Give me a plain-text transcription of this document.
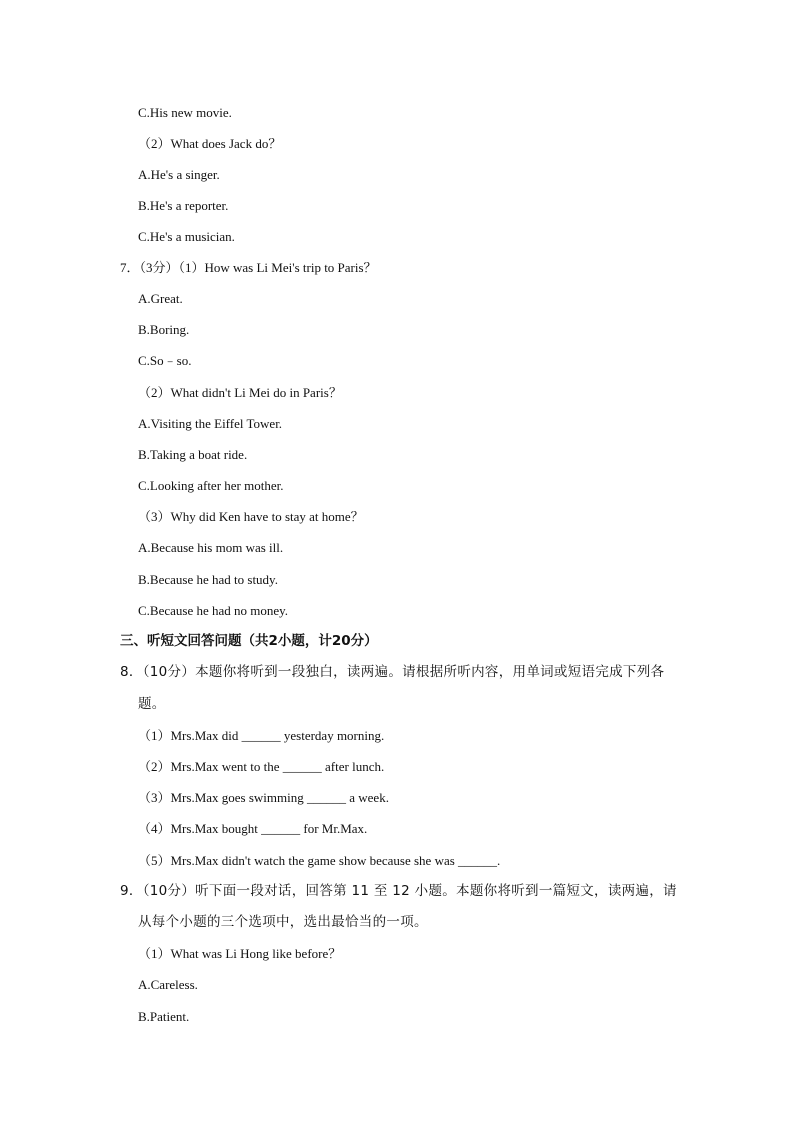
C.His new movie.
（2）What does Jack do？
A.He's a singer.
B.He's a reporter.
C.He's a musician.
7．（3分）（1）How was Li Mei's trip to Paris？
A.Great.
B.Boring.
C.So﹣so.
（2）What didn't Li Mei do in Paris？
A.Visiting the Eiffel Tower.
B.Taking a boat ride.
C.Looking after her mother.
（3）Why did Ken have to stay at home？
A.Because his mom was ill.
B.Because he had to study.
C.Because he had no money.
三、听短文回答问题（共2小题，计20分）
8．（10分）本题你将听到一段独白，读两遍。请根据所听内容，用单词或短语完成下列各
题。
（1）Mrs.Max did ______ yesterday morning.
（2）Mrs.Max went to the ______ after lunch.
（3）Mrs.Max goes swimming ______ a week.
（4）Mrs.Max bought ______ for Mr.Max.
（5）Mrs.Max didn't watch the game show because she was ______.
9．（10分）听下面一段对话，回答第 11 至 12 小题。本题你将听到一篇短文，读两遍，请
从每个小题的三个选项中，选出最恰当的一项。
（1）What was Li Hong like before？
A.Careless.
B.Patient.
